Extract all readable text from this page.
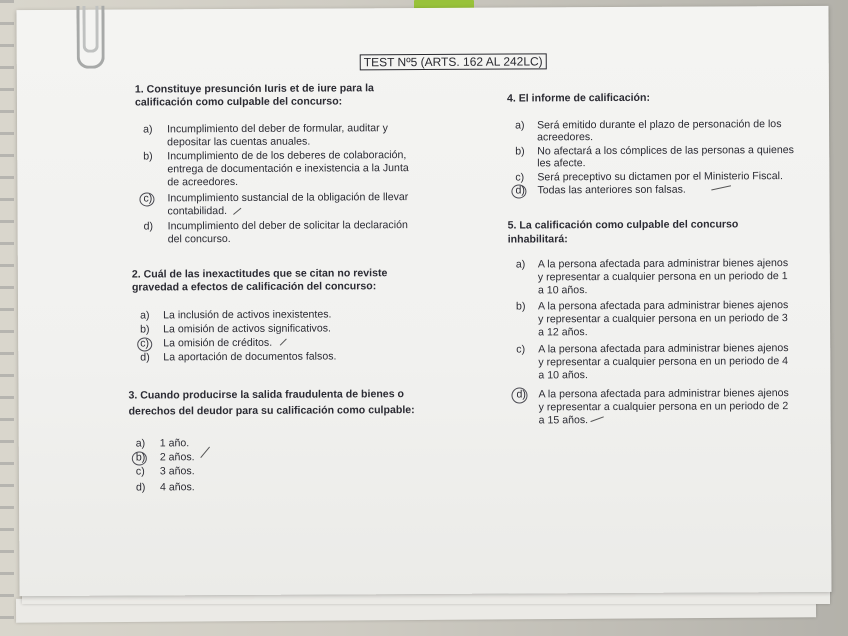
TEST Nº5 (ARTS. 162 AL 242LC)
1. Constituye presunción Iuris et de iure para la
calificación como culpable del concurso:
a) Incumplimiento del deber de formular, auditar y
depositar las cuentas anuales.
b) Incumplimiento de de los deberes de colaboración,
entrega de documentación e inexistencia a la Junta
de acreedores.
c) Incumplimiento sustancial de la obligación de llevar
contabilidad.
d) Incumplimiento del deber de solicitar la declaración
del concurso.
2. Cuál de las inexactitudes que se citan no reviste
gravedad a efectos de calificación del concurso:
a) La inclusión de activos inexistentes.
b) La omisión de activos significativos.
c) La omisión de créditos.
d) La aportación de documentos falsos.
3. Cuando producirse la salida fraudulenta de bienes o
derechos del deudor para su calificación como culpable:
a) 1 año.
b) 2 años.
c) 3 años.
d) 4 años.
4. El informe de calificación:
a) Será emitido durante el plazo de personación de los
acreedores.
b) No afectará a los cómplices de las personas a quienes
les afecte.
c) Será preceptivo su dictamen por el Ministerio Fiscal.
d) Todas las anteriores son falsas.
5. La calificación como culpable del concurso
inhabilitará:
a) A la persona afectada para administrar bienes ajenos
y representar a cualquier persona en un periodo de 1
a 10 años.
b) A la persona afectada para administrar bienes ajenos
y representar a cualquier persona en un periodo de 3
a 12 años.
c) A la persona afectada para administrar bienes ajenos
y representar a cualquier persona en un periodo de 4
a 10 años.
d) A la persona afectada para administrar bienes ajenos
y representar a cualquier persona en un periodo de 2
a 15 años.
